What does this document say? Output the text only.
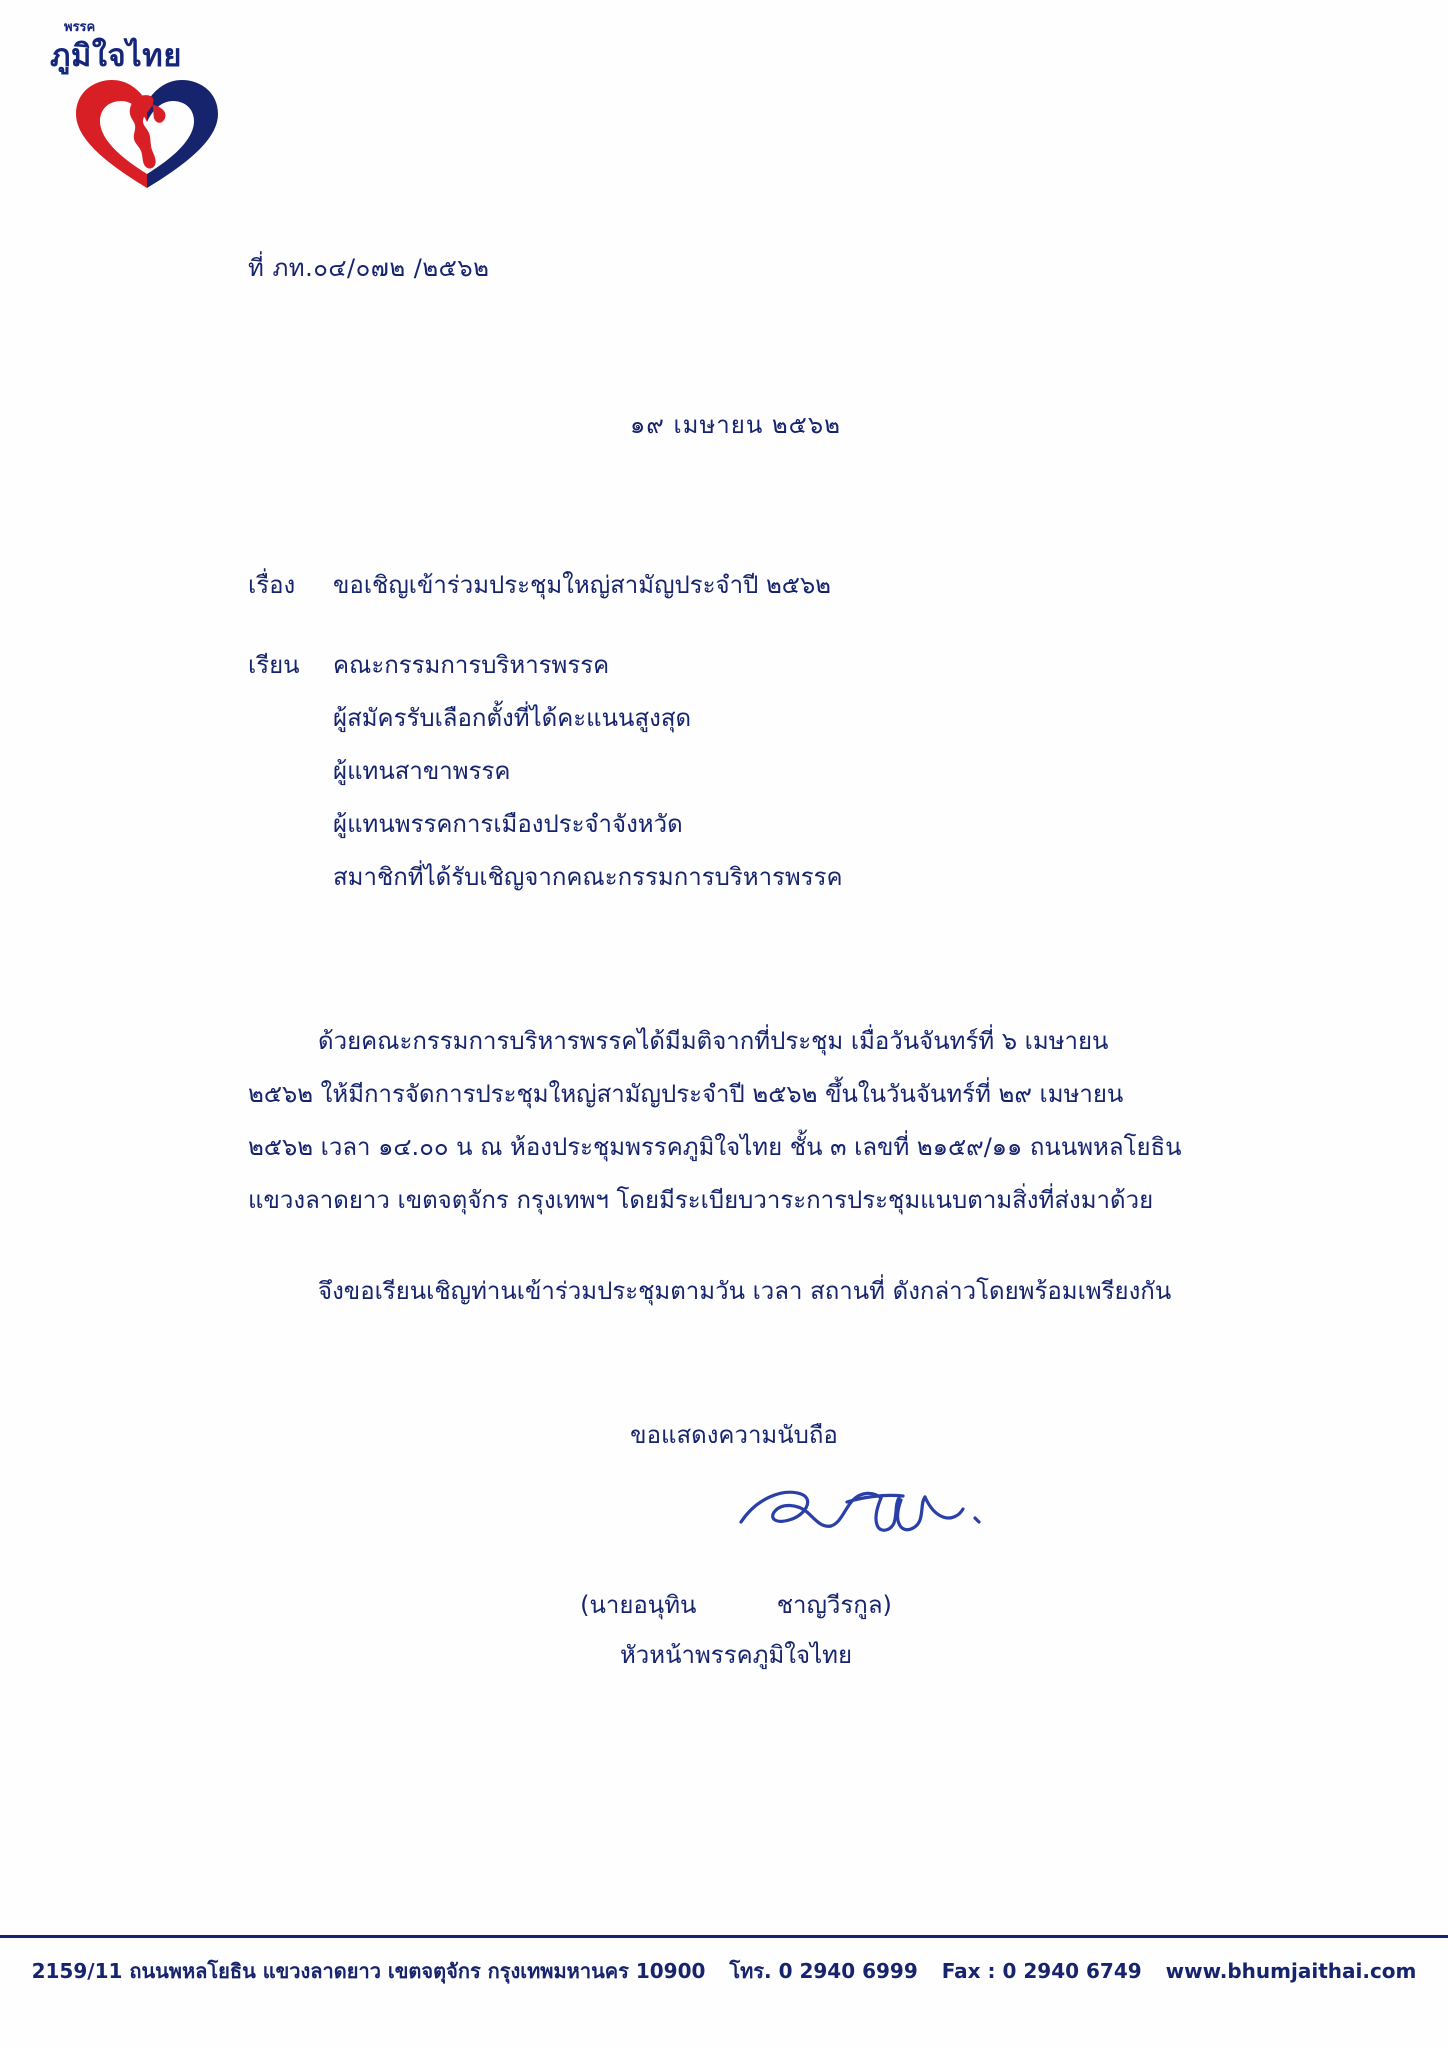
พรรค
ภูมิใจไทย
ที่ ภท.๐๔/๐๗๒ /๒๕๖๒
๑๙ เมษายน ๒๕๖๒
เรื่อง ขอเชิญเข้าร่วมประชุมใหญ่สามัญประจำปี ๒๕๖๒
เรียน คณะกรรมการบริหารพรรค
ผู้สมัครรับเลือกตั้งที่ได้คะแนนสูงสุด
ผู้แทนสาขาพรรค
ผู้แทนพรรคการเมืองประจำจังหวัด
สมาชิกที่ได้รับเชิญจากคณะกรรมการบริหารพรรค
ด้วยคณะกรรมการบริหารพรรคได้มีมติจากที่ประชุม เมื่อวันจันทร์ที่ ๖ เมษายน
๒๕๖๒ ให้มีการจัดการประชุมใหญ่สามัญประจำปี ๒๕๖๒ ขึ้นในวันจันทร์ที่ ๒๙ เมษายน
๒๕๖๒ เวลา ๑๔.๐๐ น ณ ห้องประชุมพรรคภูมิใจไทย ชั้น ๓ เลขที่ ๒๑๕๙/๑๑ ถนนพหลโยธิน
แขวงลาดยาว เขตจตุจักร กรุงเทพฯ โดยมีระเบียบวาระการประชุมแนบตามสิ่งที่ส่งมาด้วย
จึงขอเรียนเชิญท่านเข้าร่วมประชุมตามวัน เวลา สถานที่ ดังกล่าวโดยพร้อมเพรียงกัน
ขอแสดงความนับถือ
(นายอนุทิน	ชาญวีรกูล)
หัวหน้าพรรคภูมิใจไทย
2159/11 ถนนพหลโยธิน แขวงลาดยาว เขตจตุจักร กรุงเทพมหานคร 10900 โทร. 0 2940 6999 Fax : 0 2940 6749 www.bhumjaithai.com
